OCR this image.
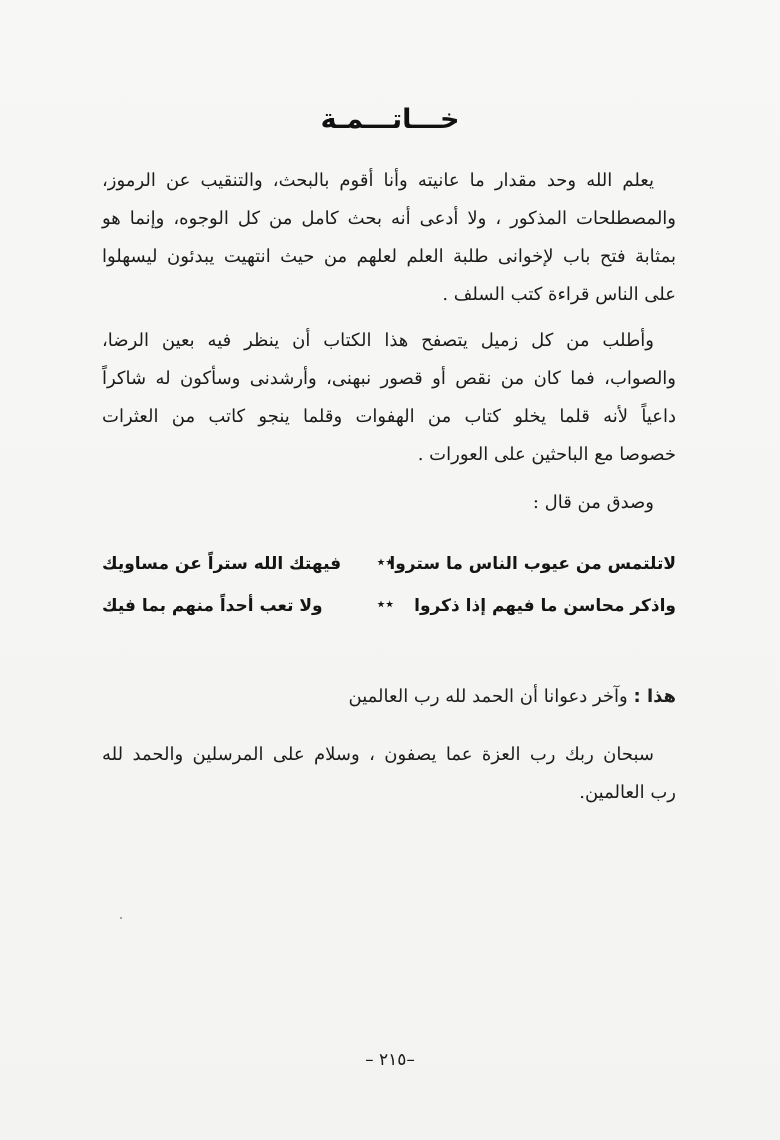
خـــاتـــمـة
يعلم الله وحد مقدار ما عانيته وأنا أقوم بالبحث، والتنقيب عن الرموز،
والمصطلحات المذكور ، ولا أدعى أنه بحث كامل من كل الوجوه، وإنما هو
بمثابة فتح باب لإخوانى طلبة العلم لعلهم من حيث انتهيت يبدئون ليسهلوا
على الناس قراءة كتب السلف .
وأطلب من كل زميل يتصفح هذا الكتاب أن ينظر فيه بعين الرضا،
والصواب، فما كان من نقص أو قصور نبهنى، وأرشدنى وسأكون له شاكراً
داعياً لأنه قلما يخلو كتاب من الهفوات وقلما ينجو كاتب من العثرات
خصوصا مع الباحثين على العورات .
وصدق من قال :
لاتلتمس من عيوب الناس ما ستروا
٭٭
فيهتك الله ستراً عن مساويك
واذكر محاسن ما فيهم إذا ذكروا
٭٭
ولا تعب أحداً منهم بما فيك
هذا : وآخر دعوانا أن الحمد لله رب العالمين
سبحان ربك رب العزة عما يصفون ، وسلام على المرسلين والحمد لله
رب العالمين.
–٢١٥ –
